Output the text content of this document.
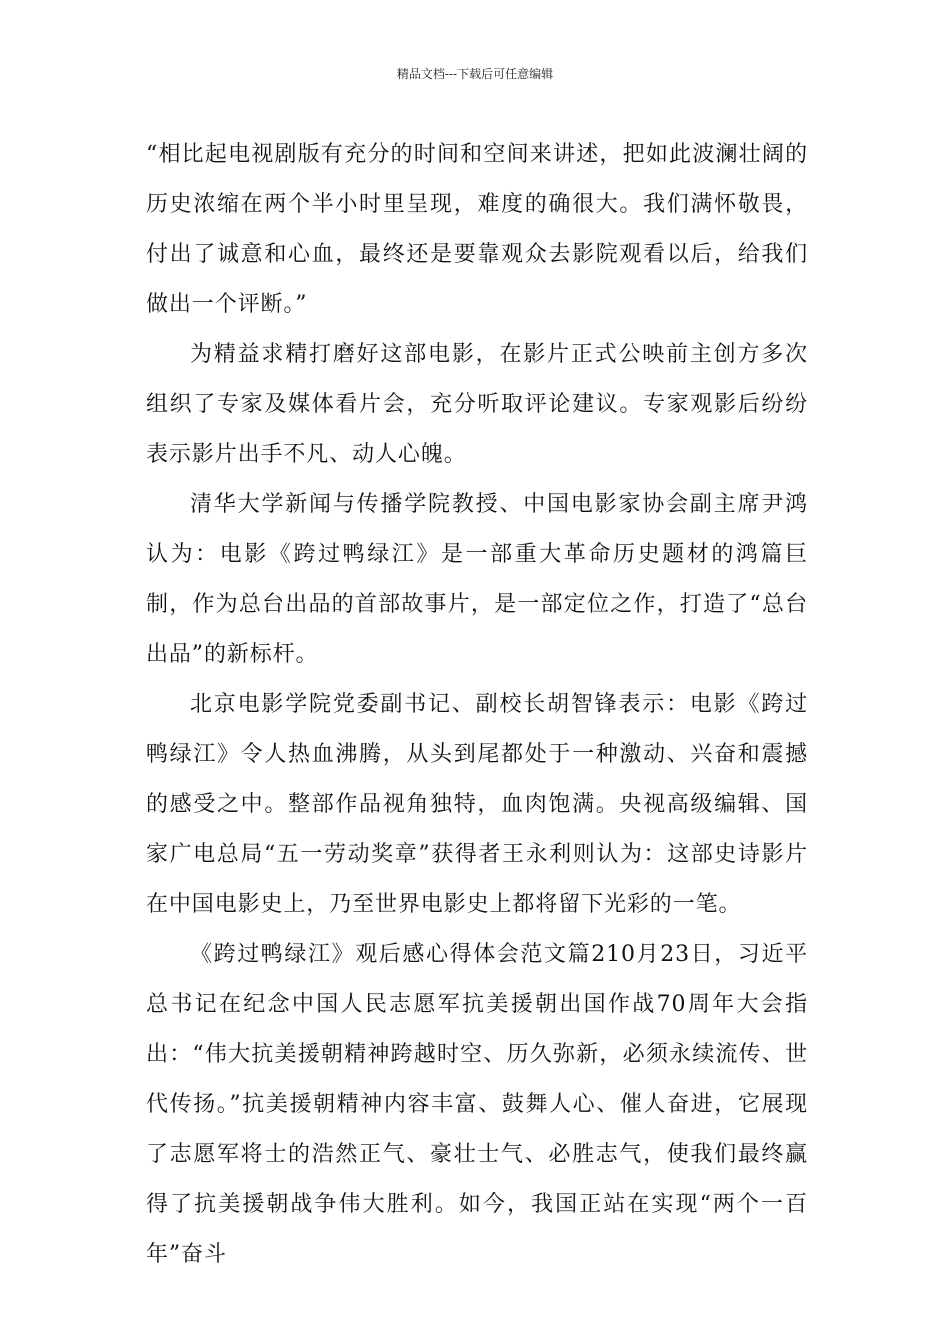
精品文档---下载后可任意编辑

“相比起电视剧版有充分的时间和空间来讲述，把如此波澜壮阔的历史浓缩在两个半小时里呈现，难度的确很大。我们满怀敬畏，付出了诚意和心血，最终还是要靠观众去影院观看以后，给我们做出一个评断。”

为精益求精打磨好这部电影，在影片正式公映前主创方多次组织了专家及媒体看片会，充分听取评论建议。专家观影后纷纷表示影片出手不凡、动人心魄。

清华大学新闻与传播学院教授、中国电影家协会副主席尹鸿认为：电影《跨过鸭绿江》是一部重大革命历史题材的鸿篇巨制，作为总台出品的首部故事片，是一部定位之作，打造了“总台出品”的新标杆。

北京电影学院党委副书记、副校长胡智锋表示：电影《跨过鸭绿江》令人热血沸腾，从头到尾都处于一种激动、兴奋和震撼的感受之中。整部作品视角独特，血肉饱满。央视高级编辑、国家广电总局“五一劳动奖章”获得者王永利则认为：这部史诗影片在中国电影史上，乃至世界电影史上都将留下光彩的一笔。

《跨过鸭绿江》观后感心得体会范文篇210月23日，习近平总书记在纪念中国人民志愿军抗美援朝出国作战70周年大会指出：“伟大抗美援朝精神跨越时空、历久弥新，必须永续流传、世代传扬。”抗美援朝精神内容丰富、鼓舞人心、催人奋进，它展现了志愿军将士的浩然正气、豪壮士气、必胜志气，使我们最终赢得了抗美援朝战争伟大胜利。如今，我国正站在实现“两个一百年”奋斗
